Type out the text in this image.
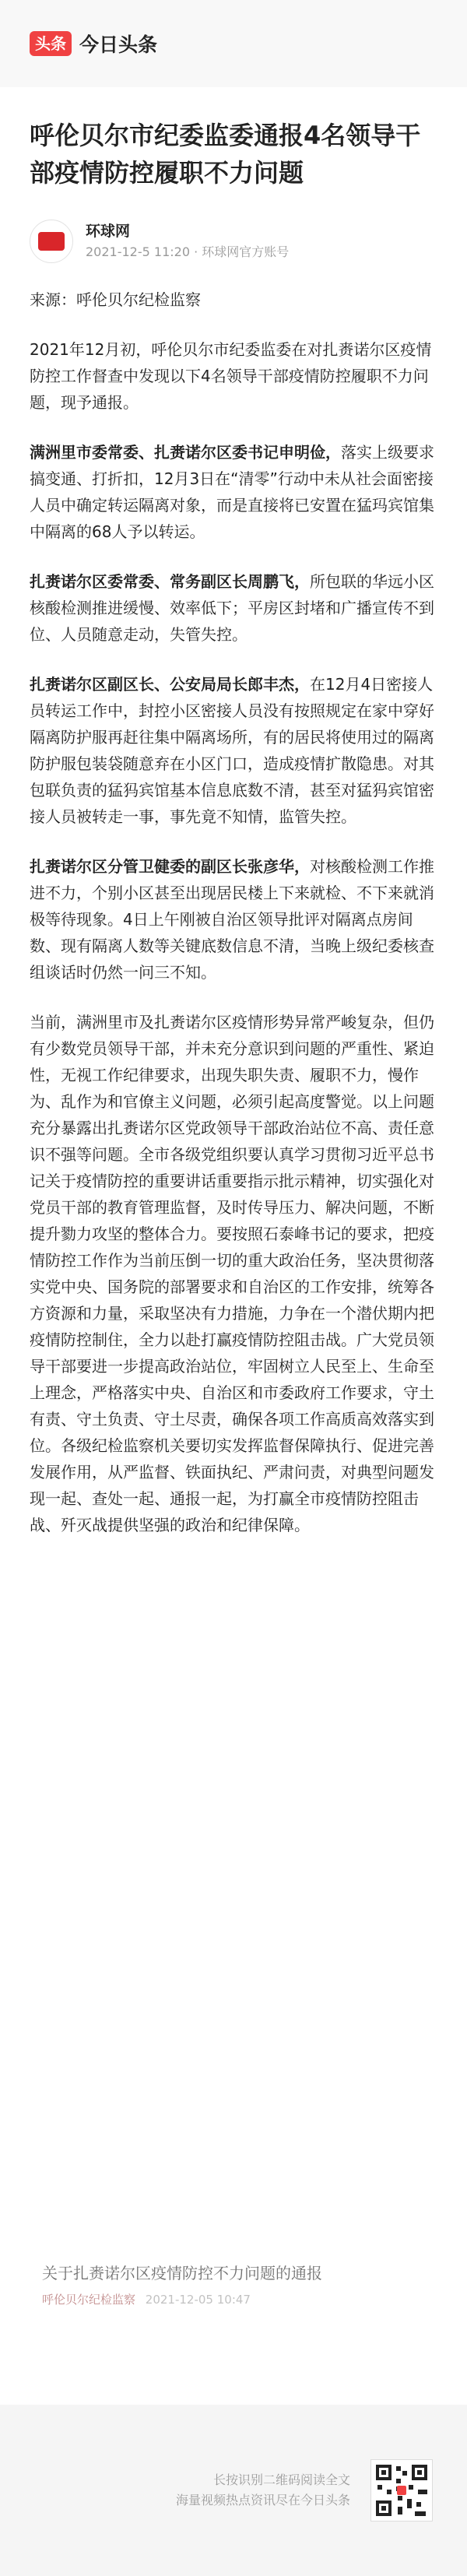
头条 今日头条
呼伦贝尔市纪委监委通报4名领导干部疫情防控履职不力问题
环球网
2021-12-5 11:20 · 环球网官方账号

来源：呼伦贝尔纪检监察

2021年12月初，呼伦贝尔市纪委监委在对扎赉诺尔区疫情防控工作督查中发现以下4名领导干部疫情防控履职不力问题，现予通报。

满洲里市委常委、扎赉诺尔区委书记申明俭，落实上级要求搞变通、打折扣，12月3日在“清零”行动中未从社会面密接人员中确定转运隔离对象，而是直接将已安置在猛玛宾馆集中隔离的68人予以转运。

扎赉诺尔区委常委、常务副区长周鹏飞，所包联的华远小区核酸检测推进缓慢、效率低下；平房区封堵和广播宣传不到位、人员随意走动，失管失控。

扎赉诺尔区副区长、公安局局长郎丰杰，在12月4日密接人员转运工作中，封控小区密接人员没有按照规定在家中穿好隔离防护服再赶往集中隔离场所，有的居民将使用过的隔离防护服包装袋随意弃在小区门口，造成疫情扩散隐患。对其包联负责的猛犸宾馆基本信息底数不清，甚至对猛犸宾馆密接人员被转走一事，事先竟不知情，监管失控。

扎赉诺尔区分管卫健委的副区长张彦华，对核酸检测工作推进不力，个别小区甚至出现居民楼上下来就检、不下来就消极等待现象。4日上午刚被自治区领导批评对隔离点房间数、现有隔离人数等关键底数信息不清，当晚上级纪委核查组谈话时仍然一问三不知。

当前，满洲里市及扎赉诺尔区疫情形势异常严峻复杂，但仍有少数党员领导干部，并未充分意识到问题的严重性、紧迫性，无视工作纪律要求，出现失职失责、履职不力，慢作为、乱作为和官僚主义问题，必须引起高度警觉。以上问题充分暴露出扎赉诺尔区党政领导干部政治站位不高、责任意识不强等问题。全市各级党组织要认真学习贯彻习近平总书记关于疫情防控的重要讲话重要指示批示精神，切实强化对党员干部的教育管理监督，及时传导压力、解决问题，不断提升勠力攻坚的整体合力。要按照石泰峰书记的要求，把疫情防控工作作为当前压倒一切的重大政治任务，坚决贯彻落实党中央、国务院的部署要求和自治区的工作安排，统筹各方资源和力量，采取坚决有力措施，力争在一个潜伏期内把疫情防控制住，全力以赴打赢疫情防控阻击战。广大党员领导干部要进一步提高政治站位，牢固树立人民至上、生命至上理念，严格落实中央、自治区和市委政府工作要求，守土有责、守土负责、守土尽责，确保各项工作高质高效落实到位。各级纪检监察机关要切实发挥监督保障执行、促进完善发展作用，从严监督、铁面执纪、严肃问责，对典型问题发现一起、查处一起、通报一起，为打赢全市疫情防控阻击战、歼灭战提供坚强的政治和纪律保障。

关于扎赉诺尔区疫情防控不力问题的通报
呼伦贝尔纪检监察 2021-12-05 10:47
长按识别二维码阅读全文
海量视频热点资讯尽在今日头条
